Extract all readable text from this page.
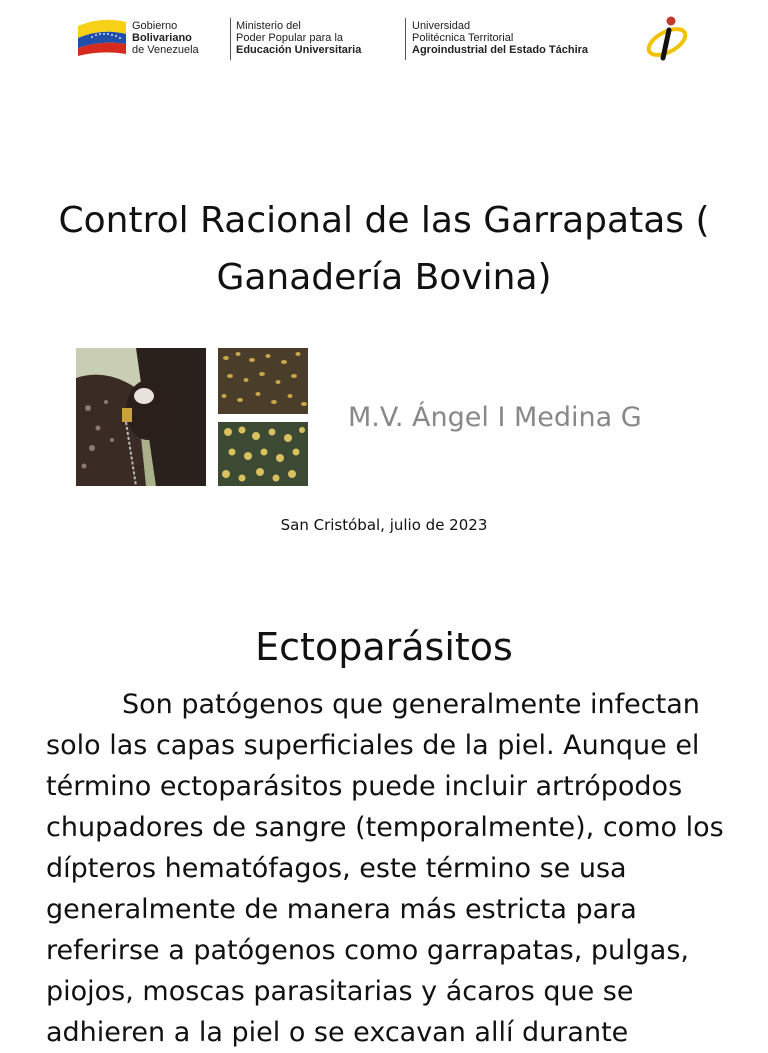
Gobierno
Bolivariano
de Venezuela
Ministerio del
Poder Popular para la
Educación Universitaria
Universidad
Politécnica Territorial
Agroindustrial del Estado Táchira
Control Racional de las Garrapatas ( Ganadería Bovina)
M.V. Ángel I Medina G
San Cristóbal, julio de 2023
Ectoparásitos
Son patógenos que generalmente infectan solo las capas superficiales de la piel. Aunque el término ectoparásitos puede incluir artrópodos chupadores de sangre (temporalmente), como los dípteros hematófagos, este término se usa generalmente de manera más estricta para referirse a patógenos como garrapatas, pulgas, piojos, moscas parasitarias y ácaros que se adhieren a la piel o se excavan allí durante
